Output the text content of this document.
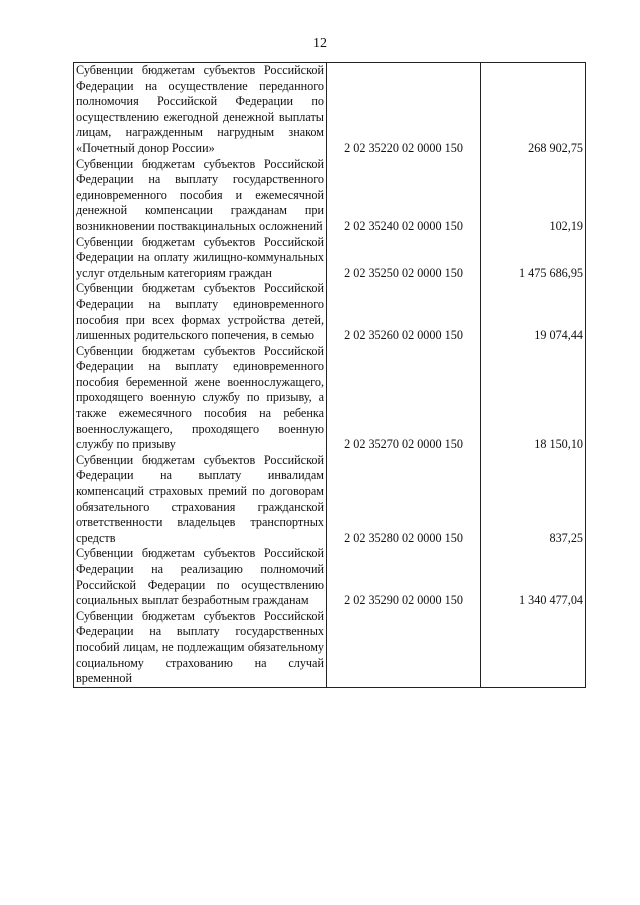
12
Субвенции бюджетам субъектов Российской Федерации на осуществление переданного полномочия Российской Федерации по осуществлению ежегодной денежной выплаты лицам, награжденным нагрудным знаком «Почетный донор России»	2 02 35220 02 0000 150	268 902,75
Субвенции бюджетам субъектов Российской Федерации на выплату государственного единовременного пособия и ежемесячной денежной компенсации гражданам при возникновении поствакцинальных осложнений	2 02 35240 02 0000 150	102,19
Субвенции бюджетам субъектов Российской Федерации на оплату жилищно-коммунальных услуг отдельным категориям граждан	2 02 35250 02 0000 150	1 475 686,95
Субвенции бюджетам субъектов Российской Федерации на выплату единовременного пособия при всех формах устройства детей, лишенных родительского попечения, в семью	2 02 35260 02 0000 150	19 074,44
Субвенции бюджетам субъектов Российской Федерации на выплату единовременного пособия беременной жене военнослужащего, проходящего военную службу по призыву, а также ежемесячного пособия на ребенка военнослужащего, проходящего военную службу по призыву	2 02 35270 02 0000 150	18 150,10
Субвенции бюджетам субъектов Российской Федерации на выплату инвалидам компенсаций страховых премий по договорам обязательного страхования гражданской ответственности владельцев транспортных средств	2 02 35280 02 0000 150	837,25
Субвенции бюджетам субъектов Российской Федерации на реализацию полномочий Российской Федерации по осуществлению социальных выплат безработным гражданам	2 02 35290 02 0000 150	1 340 477,04
Субвенции бюджетам субъектов Российской Федерации на выплату государственных пособий лицам, не подлежащим обязательному социальному страхованию на случай временной		
